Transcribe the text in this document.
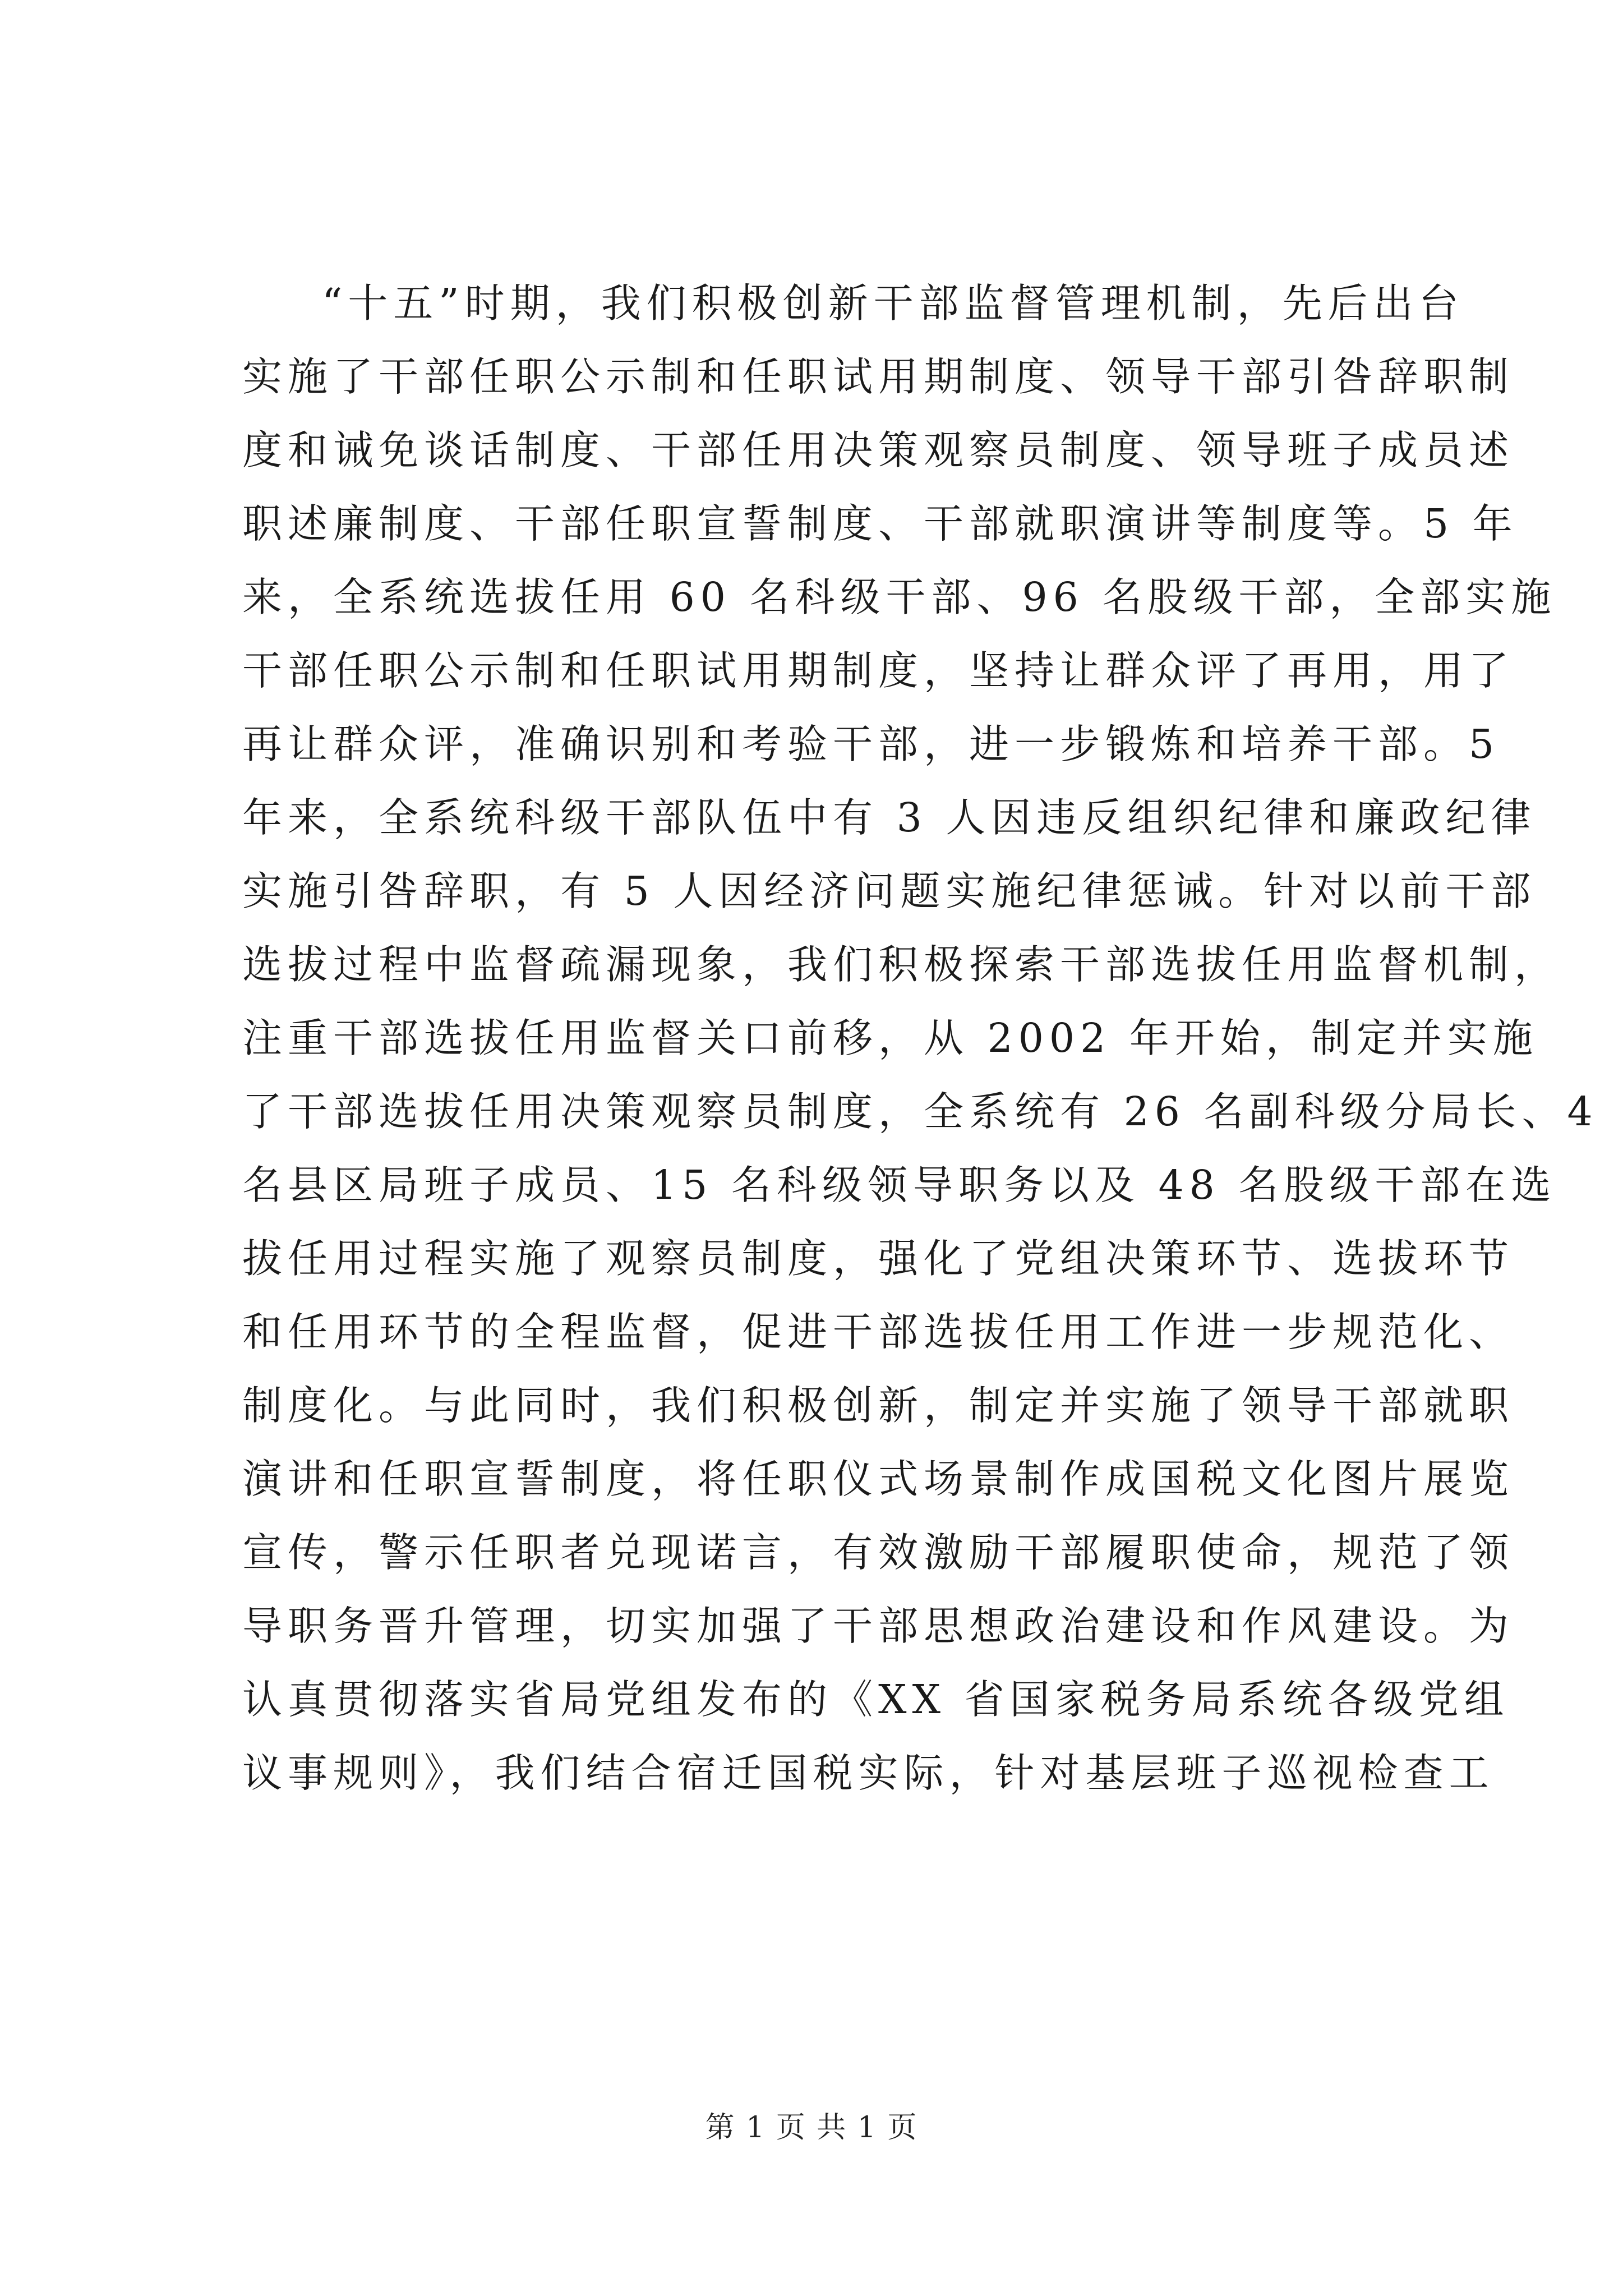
“十五”时期，我们积极创新干部监督管理机制，先后出台
实施了干部任职公示制和任职试用期制度、领导干部引咎辞职制
度和诫免谈话制度、干部任用决策观察员制度、领导班子成员述
职述廉制度、干部任职宣誓制度、干部就职演讲等制度等。5 年
来，全系统选拔任用 60 名科级干部、96 名股级干部，全部实施
干部任职公示制和任职试用期制度，坚持让群众评了再用，用了
再让群众评，准确识别和考验干部，进一步锻炼和培养干部。5
年来，全系统科级干部队伍中有 3 人因违反组织纪律和廉政纪律
实施引咎辞职，有 5 人因经济问题实施纪律惩诫。针对以前干部
选拔过程中监督疏漏现象，我们积极探索干部选拔任用监督机制，
注重干部选拔任用监督关口前移，从 2002 年开始，制定并实施
了干部选拔任用决策观察员制度，全系统有 26 名副科级分局长、4
名县区局班子成员、15 名科级领导职务以及 48 名股级干部在选
拔任用过程实施了观察员制度，强化了党组决策环节、选拔环节
和任用环节的全程监督，促进干部选拔任用工作进一步规范化、
制度化。与此同时，我们积极创新，制定并实施了领导干部就职
演讲和任职宣誓制度，将任职仪式场景制作成国税文化图片展览
宣传，警示任职者兑现诺言，有效激励干部履职使命，规范了领
导职务晋升管理，切实加强了干部思想政治建设和作风建设。为
认真贯彻落实省局党组发布的《XX 省国家税务局系统各级党组
议事规则》，我们结合宿迁国税实际，针对基层班子巡视检查工
第 1 页 共 1 页
